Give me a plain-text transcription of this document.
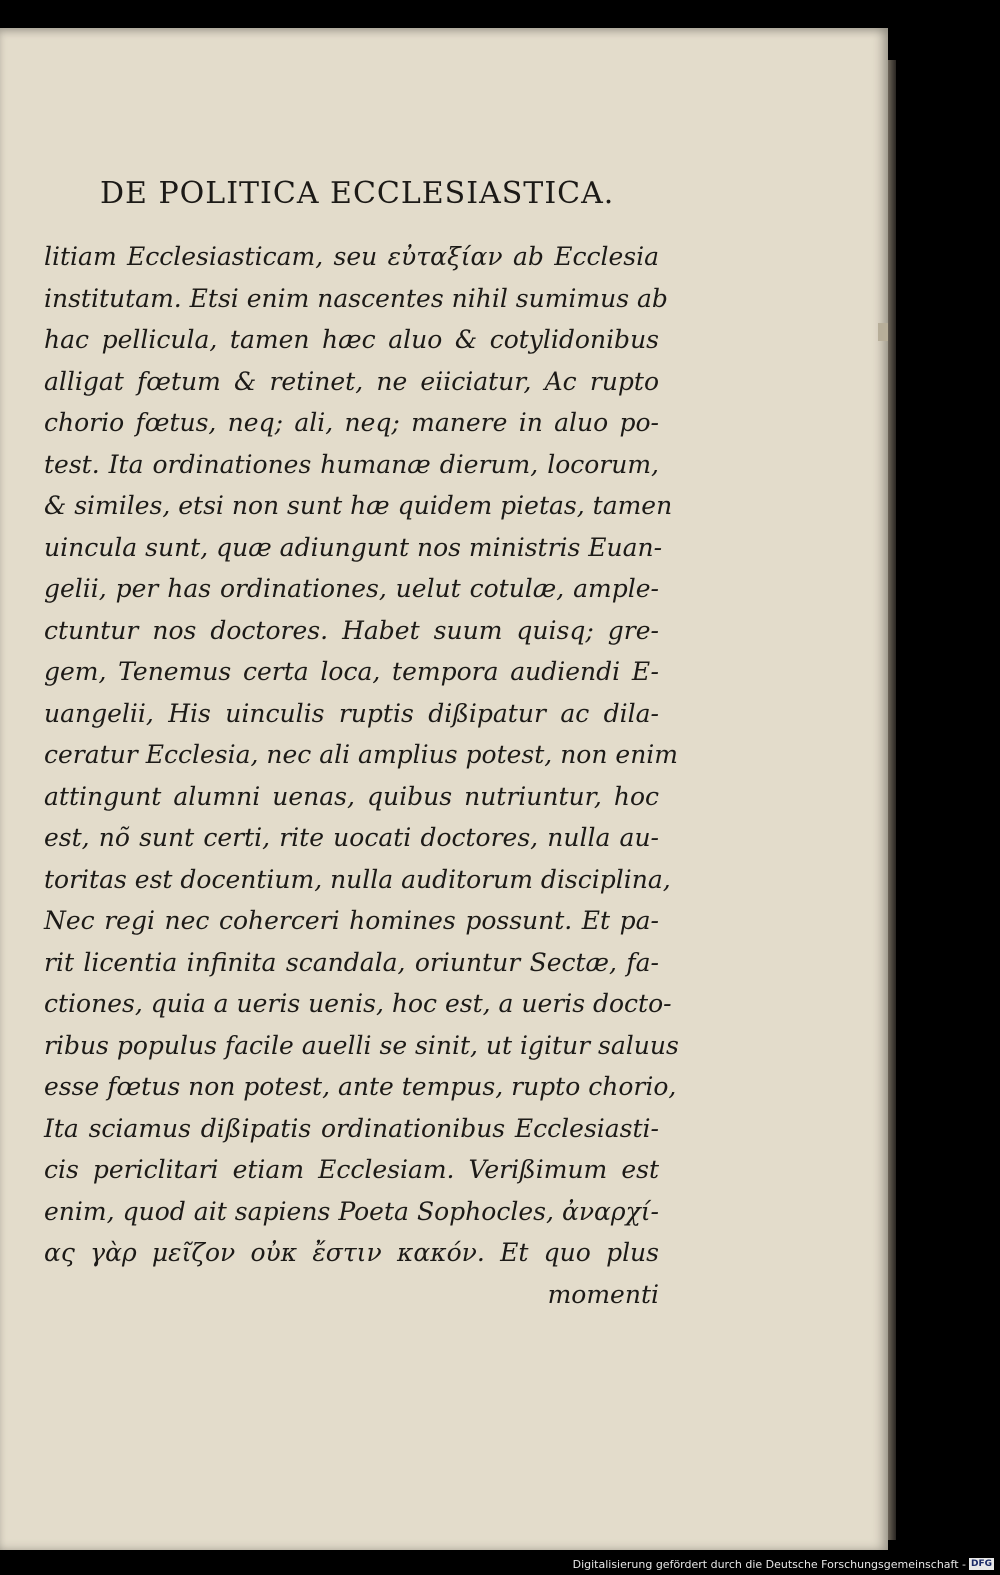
DE POLITICA ECCLESIASTICA.
litiam Ecclesiasticam, seu εὐταξίαν ab Ecclesia
institutam. Etsi enim nascentes nihil sumimus ab
hac pellicula, tamen hæc aluo & cotylidonibus
alligat fœtum & retinet, ne eiiciatur, Ac rupto
chorio fœtus, neq; ali, neq; manere in aluo po-
test. Ita ordinationes humanæ dierum, locorum,
& similes, etsi non sunt hæ quidem pietas, tamen
uincula sunt, quæ adiungunt nos ministris Euan-
gelii, per has ordinationes, uelut cotulæ, ample-
ctuntur nos doctores. Habet suum quisq; gre-
gem, Tenemus certa loca, tempora audiendi E-
uangelii, His uinculis ruptis dißipatur ac dila-
ceratur Ecclesia, nec ali amplius potest, non enim
attingunt alumni uenas, quibus nutriuntur, hoc
est, nõ sunt certi, rite uocati doctores, nulla au-
toritas est docentium, nulla auditorum disciplina,
Nec regi nec coherceri homines possunt. Et pa-
rit licentia infinita scandala, oriuntur Sectæ, fa-
ctiones, quia a ueris uenis, hoc est, a ueris docto-
ribus populus facile auelli se sinit, ut igitur saluus
esse fœtus non potest, ante tempus, rupto chorio,
Ita sciamus dißipatis ordinationibus Ecclesiasti-
cis periclitari etiam Ecclesiam. Verißimum est
enim, quod ait sapiens Poeta Sophocles, ἀναρχί-
ας γὰρ μεῖζον οὐκ ἔστιν κακόν. Et quo plus
momenti
Digitalisierung gefördert durch die Deutsche Forschungsgemeinschaft - DFG
